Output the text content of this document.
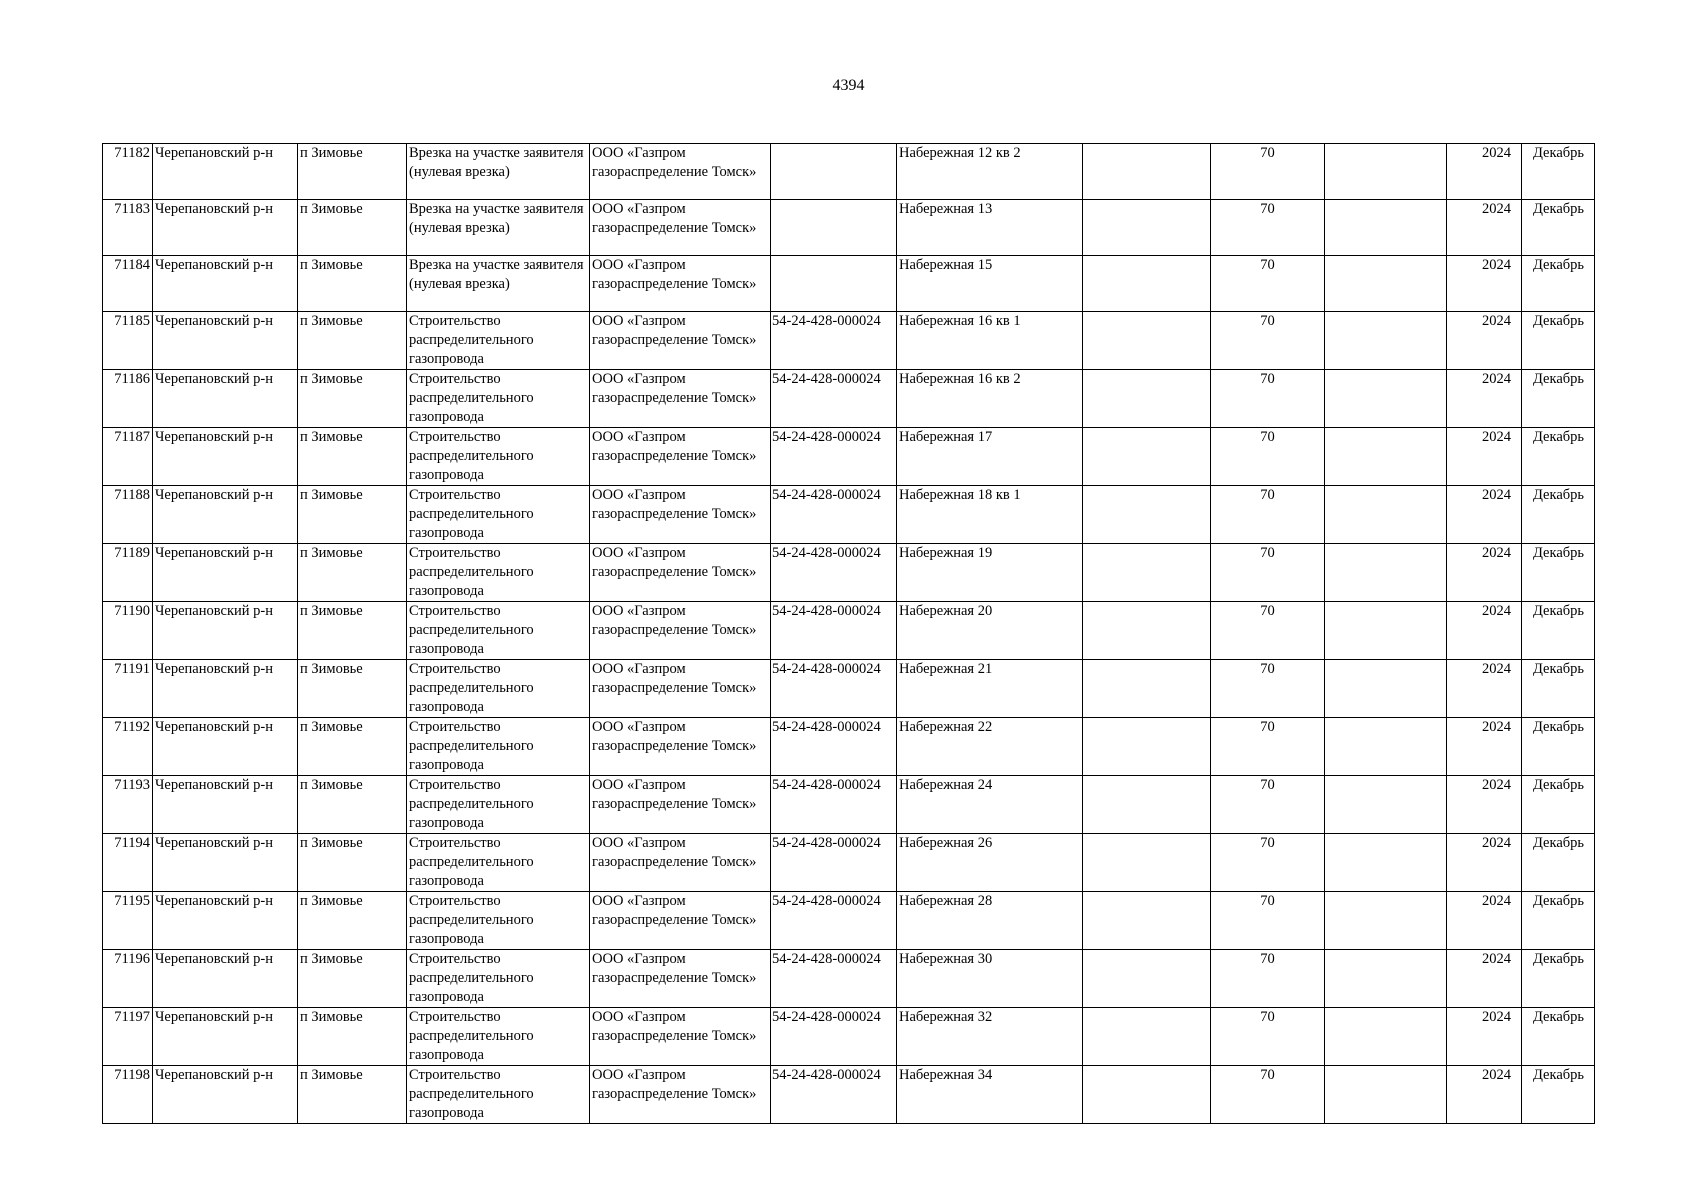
4394
71182	Черепановский р-н	п Зимовье	Врезка на участке заявителя (нулевая врезка)	ООО «Газпром газораспределение Томск»		Набережная 12 кв 2		70		2024	Декабрь
71183	Черепановский р-н	п Зимовье	Врезка на участке заявителя (нулевая врезка)	ООО «Газпром газораспределение Томск»		Набережная 13		70		2024	Декабрь
71184	Черепановский р-н	п Зимовье	Врезка на участке заявителя (нулевая врезка)	ООО «Газпром газораспределение Томск»		Набережная 15		70		2024	Декабрь
71185	Черепановский р-н	п Зимовье	Строительство распределительного газопровода	ООО «Газпром газораспределение Томск»	54-24-428-000024	Набережная 16 кв 1		70		2024	Декабрь
71186	Черепановский р-н	п Зимовье	Строительство распределительного газопровода	ООО «Газпром газораспределение Томск»	54-24-428-000024	Набережная 16 кв 2		70		2024	Декабрь
71187	Черепановский р-н	п Зимовье	Строительство распределительного газопровода	ООО «Газпром газораспределение Томск»	54-24-428-000024	Набережная 17		70		2024	Декабрь
71188	Черепановский р-н	п Зимовье	Строительство распределительного газопровода	ООО «Газпром газораспределение Томск»	54-24-428-000024	Набережная 18 кв 1		70		2024	Декабрь
71189	Черепановский р-н	п Зимовье	Строительство распределительного газопровода	ООО «Газпром газораспределение Томск»	54-24-428-000024	Набережная 19		70		2024	Декабрь
71190	Черепановский р-н	п Зимовье	Строительство распределительного газопровода	ООО «Газпром газораспределение Томск»	54-24-428-000024	Набережная 20		70		2024	Декабрь
71191	Черепановский р-н	п Зимовье	Строительство распределительного газопровода	ООО «Газпром газораспределение Томск»	54-24-428-000024	Набережная 21		70		2024	Декабрь
71192	Черепановский р-н	п Зимовье	Строительство распределительного газопровода	ООО «Газпром газораспределение Томск»	54-24-428-000024	Набережная 22		70		2024	Декабрь
71193	Черепановский р-н	п Зимовье	Строительство распределительного газопровода	ООО «Газпром газораспределение Томск»	54-24-428-000024	Набережная 24		70		2024	Декабрь
71194	Черепановский р-н	п Зимовье	Строительство распределительного газопровода	ООО «Газпром газораспределение Томск»	54-24-428-000024	Набережная 26		70		2024	Декабрь
71195	Черепановский р-н	п Зимовье	Строительство распределительного газопровода	ООО «Газпром газораспределение Томск»	54-24-428-000024	Набережная 28		70		2024	Декабрь
71196	Черепановский р-н	п Зимовье	Строительство распределительного газопровода	ООО «Газпром газораспределение Томск»	54-24-428-000024	Набережная 30		70		2024	Декабрь
71197	Черепановский р-н	п Зимовье	Строительство распределительного газопровода	ООО «Газпром газораспределение Томск»	54-24-428-000024	Набережная 32		70		2024	Декабрь
71198	Черепановский р-н	п Зимовье	Строительство распределительного газопровода	ООО «Газпром газораспределение Томск»	54-24-428-000024	Набережная 34		70		2024	Декабрь
